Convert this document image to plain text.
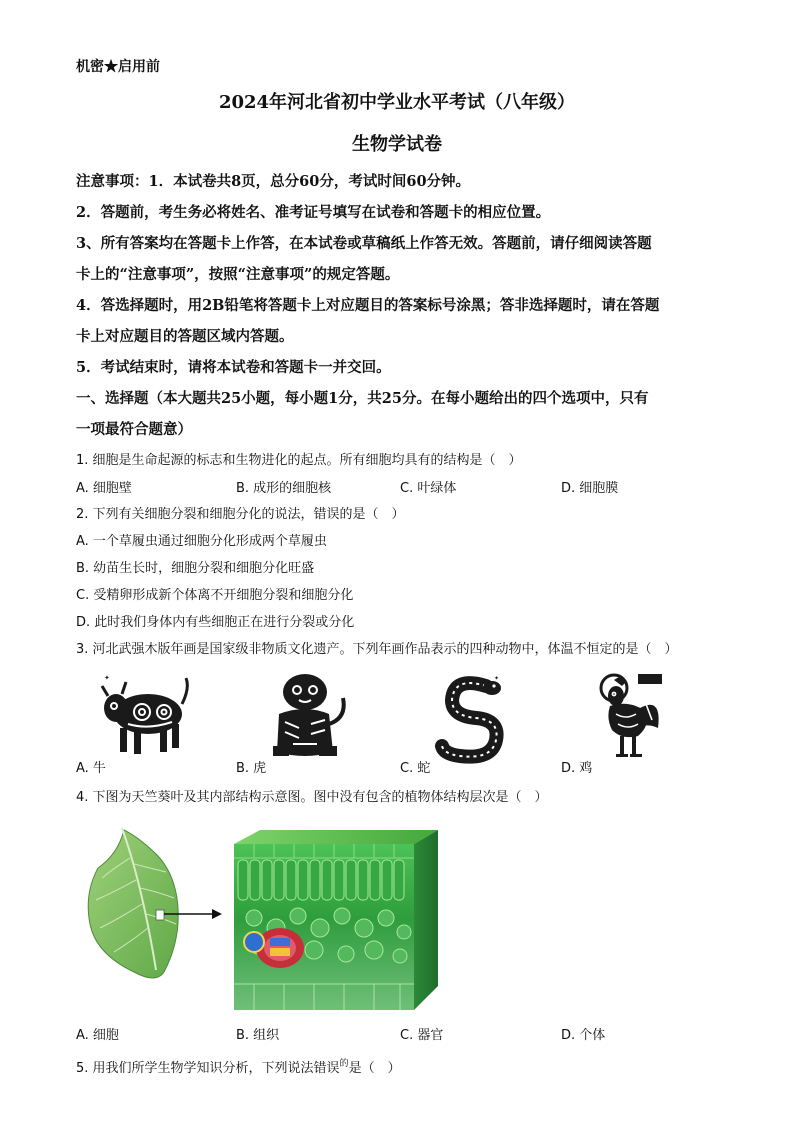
机密★启用前
2024年河北省初中学业水平考试（八年级）
生物学试卷
注意事项：1．本试卷共8页，总分60分，考试时间60分钟。
2．答题前，考生务必将姓名、准考证号填写在试卷和答题卡的相应位置。
3、所有答案均在答题卡上作答，在本试卷或草稿纸上作答无效。答题前，请仔细阅读答题
卡上的“注意事项”，按照“注意事项”的规定答题。
4．答选择题时，用2B铅笔将答题卡上对应题目的答案标号涂黑；答非选择题时，请在答题
卡上对应题目的答题区域内答题。
5．考试结束时，请将本试卷和答题卡一并交回。
一、选择题（本大题共25小题，每小题1分，共25分。在每小题给出的四个选项中，只有
一项最符合题意）
1. 细胞是生命起源的标志和生物进化的起点。所有细胞均具有的结构是（　）
A. 细胞壁	B. 成形的细胞核	C. 叶绿体	D. 细胞膜
2. 下列有关细胞分裂和细胞分化的说法，错误的是（　）
A. 一个草履虫通过细胞分化形成两个草履虫
B. 幼苗生长时，细胞分裂和细胞分化旺盛
C. 受精卵形成新个体离不开细胞分裂和细胞分化
D. 此时我们身体内有些细胞正在进行分裂或分化
3. 河北武强木版年画是国家级非物质文化遗产。下列年画作品表示的四种动物中，体温不恒定的是（　）
✦	✦
A. 牛	B. 虎	C. 蛇	D. 鸡
4. 下图为天竺葵叶及其内部结构示意图。图中没有包含的植物体结构层次是（　）
A. 细胞	B. 组织	C. 器官	D. 个体
5. 用我们所学生物学知识分析，下列说法错误$^的$是（　）
